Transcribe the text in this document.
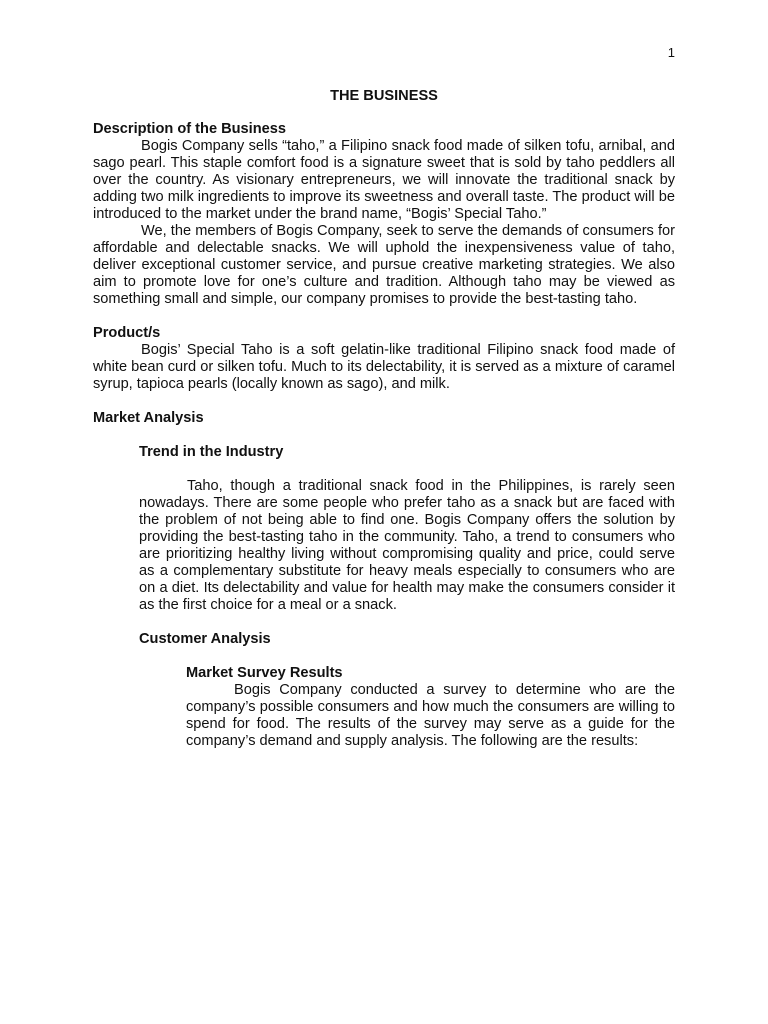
1
THE BUSINESS

Description of the Business

Bogis Company sells “taho,” a Filipino snack food made of silken tofu, arnibal, and sago pearl. This staple comfort food is a signature sweet that is sold by taho peddlers all over the country. As visionary entrepreneurs, we will innovate the traditional snack by adding two milk ingredients to improve its sweetness and overall taste. The product will be introduced to the market under the brand name, “Bogis’ Special Taho.”

We, the members of Bogis Company, seek to serve the demands of consumers for affordable and delectable snacks. We will uphold the inexpensiveness value of taho, deliver exceptional customer service, and pursue creative marketing strategies. We also aim to promote love for one’s culture and tradition. Although taho may be viewed as something small and simple, our company promises to provide the best-tasting taho.

Product/s

Bogis’ Special Taho is a soft gelatin-like traditional Filipino snack food made of white bean curd or silken tofu. Much to its delectability, it is served as a mixture of caramel syrup, tapioca pearls (locally known as sago), and milk.

Market Analysis

Trend in the Industry

Taho, though a traditional snack food in the Philippines, is rarely seen nowadays. There are some people who prefer taho as a snack but are faced with the problem of not being able to find one. Bogis Company offers the solution by providing the best-tasting taho in the community. Taho, a trend to consumers who are prioritizing healthy living without compromising quality and price, could serve as a complementary substitute for heavy meals especially to consumers who are on a diet. Its delectability and value for health may make the consumers consider it as the first choice for a meal or a snack.

Customer Analysis

Market Survey Results

Bogis Company conducted a survey to determine who are the company’s possible consumers and how much the consumers are willing to spend for food. The results of the survey may serve as a guide for the company’s demand and supply analysis. The following are the results:
